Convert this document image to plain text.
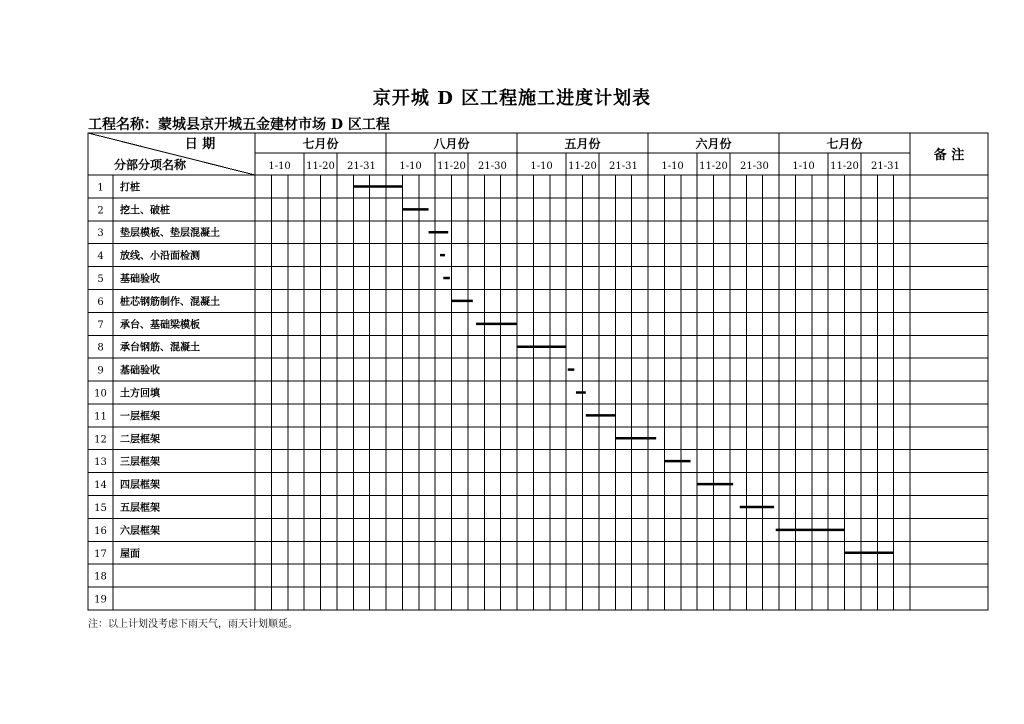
京开城 D 区工程施工进度计划表
工程名称：蒙城县京开城五金建材市场 D 区工程
日 期
分部分项名称
备 注
七月份
1-10 11-20 21-31
八月份
1-10 11-20 21-30
五月份
1-10 11-20 21-31
六月份
1-10 11-20 21-30
七月份
1-10 11-20 21-31
1 打桩
2 挖土、破桩
3 垫层模板、垫层混凝土
4 放线、小沿面检测
5 基础验收
6 桩芯钢筋制作、混凝土
7 承台、基础梁模板
8 承台钢筋、混凝土
9 基础验收
10 土方回填
11 一层框架
12 二层框架
13 三层框架
14 四层框架
15 五层框架
16 六层框架
17 屋面
18
19
注：以上计划没考虑下雨天气，雨天计划顺延。
